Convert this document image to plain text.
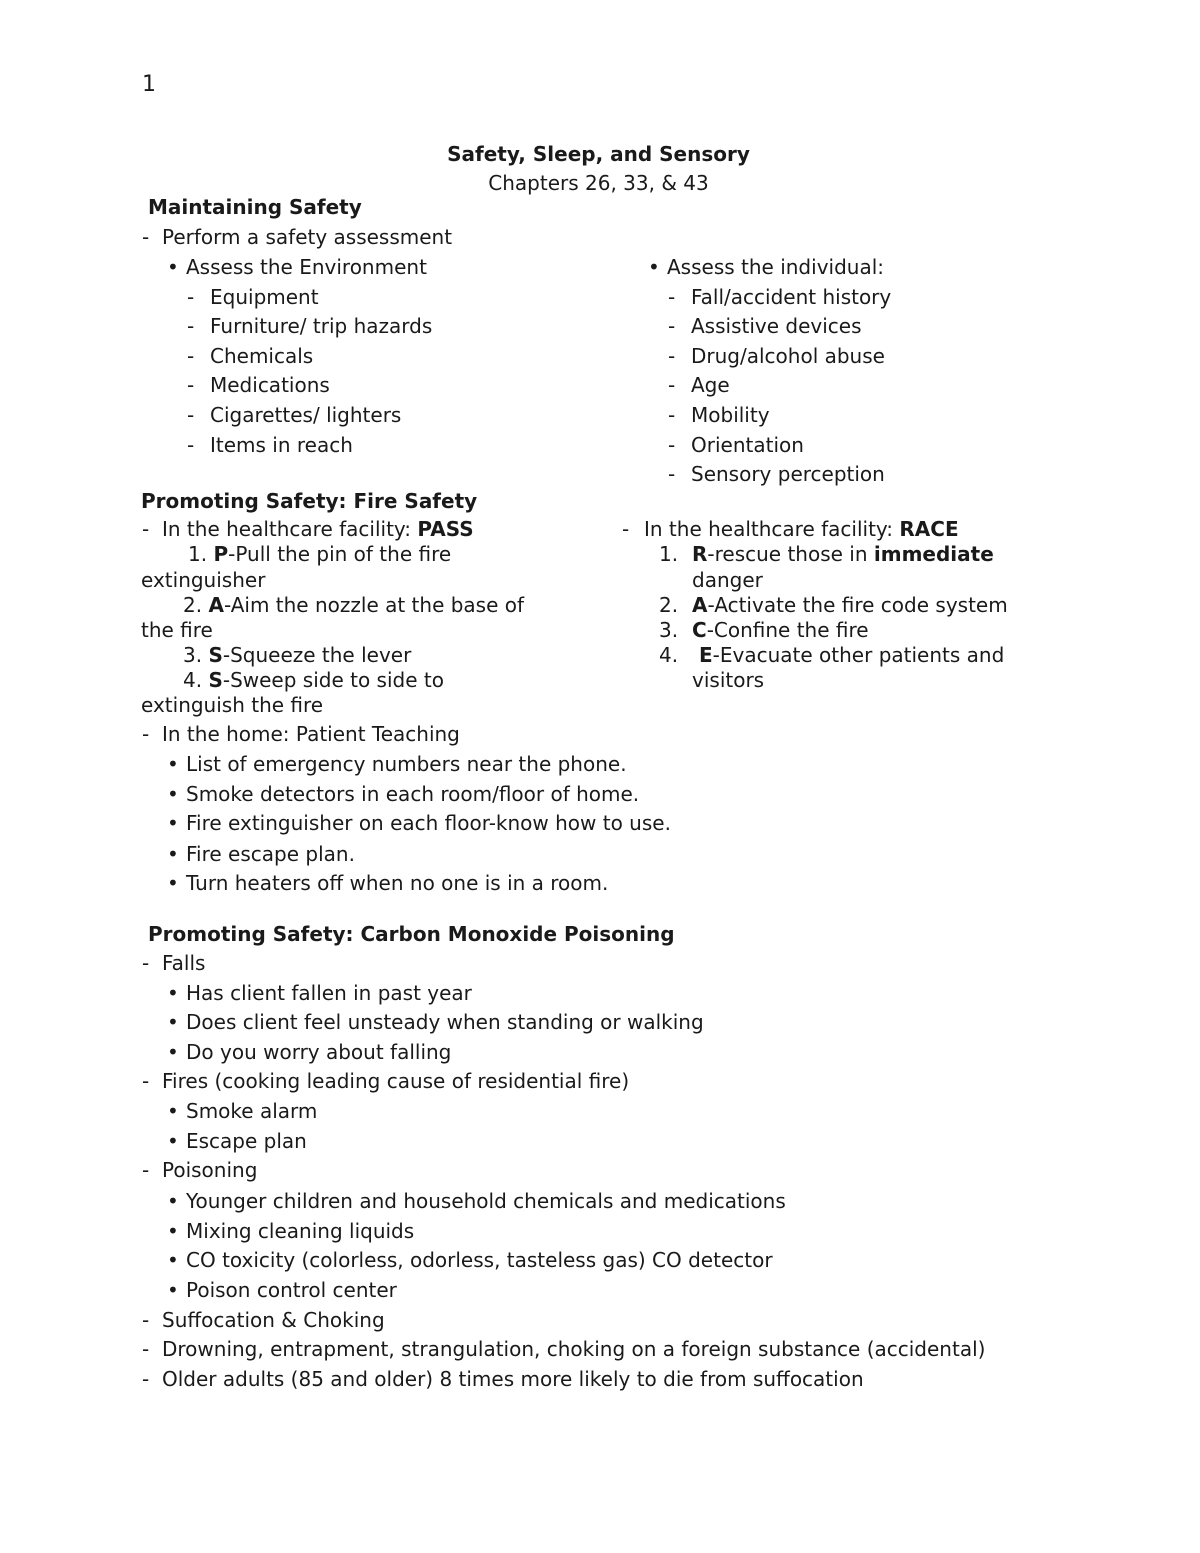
1
Safety, Sleep, and Sensory
Chapters 26, 33, & 43
Maintaining Safety
- Perform a safety assessment
• Assess the Environment
- Equipment
- Furniture/ trip hazards
- Chemicals
- Medications
- Cigarettes/ lighters
- Items in reach
• Assess the individual:
- Fall/accident history
- Assistive devices
- Drug/alcohol abuse
- Age
- Mobility
- Orientation
- Sensory perception
Promoting Safety: Fire Safety
- In the healthcare facility: PASS
1. P-Pull the pin of the fire
extinguisher
2. A-Aim the nozzle at the base of
the fire
3. S-Squeeze the lever
4. S-Sweep side to side to
extinguish the fire
- In the healthcare facility: RACE
1. R-rescue those in immediate
danger
2. A-Activate the fire code system
3. C-Confine the fire
4. E-Evacuate other patients and
visitors
- In the home: Patient Teaching
• List of emergency numbers near the phone.
• Smoke detectors in each room/floor of home.
• Fire extinguisher on each floor-know how to use.
• Fire escape plan.
• Turn heaters off when no one is in a room.
Promoting Safety: Carbon Monoxide Poisoning
- Falls
• Has client fallen in past year
• Does client feel unsteady when standing or walking
• Do you worry about falling
- Fires (cooking leading cause of residential fire)
• Smoke alarm
• Escape plan
- Poisoning
• Younger children and household chemicals and medications
• Mixing cleaning liquids
• CO toxicity (colorless, odorless, tasteless gas) CO detector
• Poison control center
- Suffocation & Choking
- Drowning, entrapment, strangulation, choking on a foreign substance (accidental)
- Older adults (85 and older) 8 times more likely to die from suffocation
